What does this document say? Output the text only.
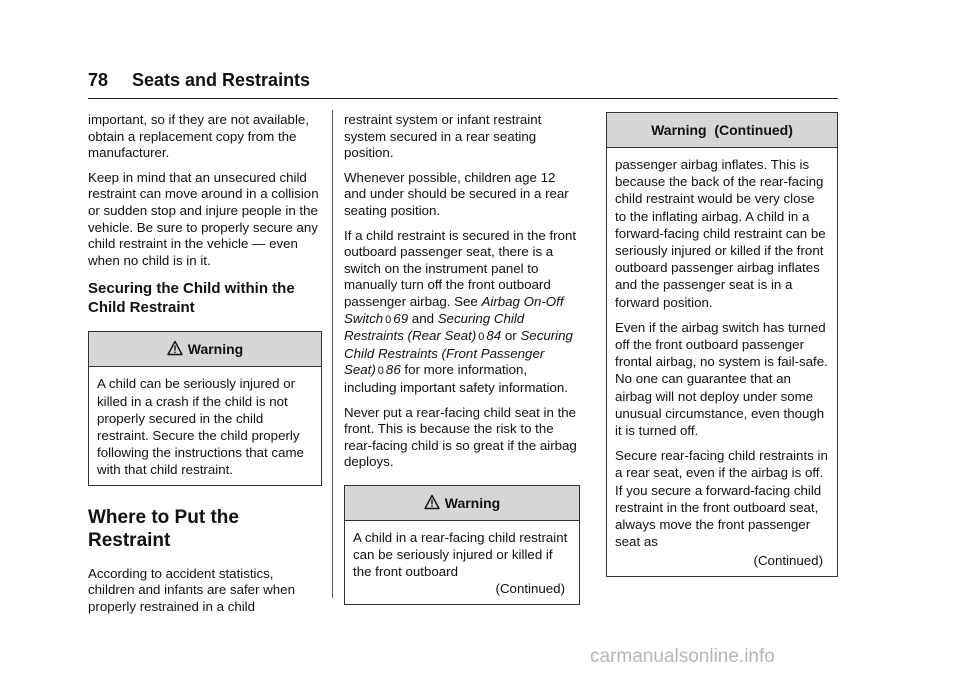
78 Seats and Restraints

important, so if they are not available, obtain a replacement copy from the manufacturer.

Keep in mind that an unsecured child restraint can move around in a collision or sudden stop and injure people in the vehicle. Be sure to properly secure any child restraint in the vehicle — even when no child is in it.

Securing the Child within the Child Restraint
Warning
A child can be seriously injured or killed in a crash if the child is not properly secured in the child restraint. Secure the child properly following the instructions that came with that child restraint.
Where to Put the Restraint

According to accident statistics, children and infants are safer when properly restrained in a child

restraint system or infant restraint system secured in a rear seating position.

Whenever possible, children age 12 and under should be secured in a rear seating position.

If a child restraint is secured in the front outboard passenger seat, there is a switch on the instrument panel to manually turn off the front outboard passenger airbag. See Airbag On-Off Switch 0 69 and Securing Child Restraints (Rear Seat) 0 84 or Securing Child Restraints (Front Passenger Seat) 0 86 for more information, including important safety information.

Never put a rear-facing child seat in the front. This is because the risk to the rear-facing child is so great if the airbag deploys.

Warning
A child in a rear-facing child restraint can be seriously injured or killed if the front outboard
(Continued)
Warning  (Continued)

passenger airbag inflates. This is because the back of the rear-facing child restraint would be very close to the inflating airbag. A child in a forward-facing child restraint can be seriously injured or killed if the front outboard passenger airbag inflates and the passenger seat is in a forward position.

Even if the airbag switch has turned off the front outboard passenger frontal airbag, no system is fail-safe. No one can guarantee that an airbag will not deploy under some unusual circumstance, even though it is turned off.

Secure rear-facing child restraints in a rear seat, even if the airbag is off. If you secure a forward-facing child restraint in the front outboard seat, always move the front passenger seat as

(Continued)
carmanualsonline.info
